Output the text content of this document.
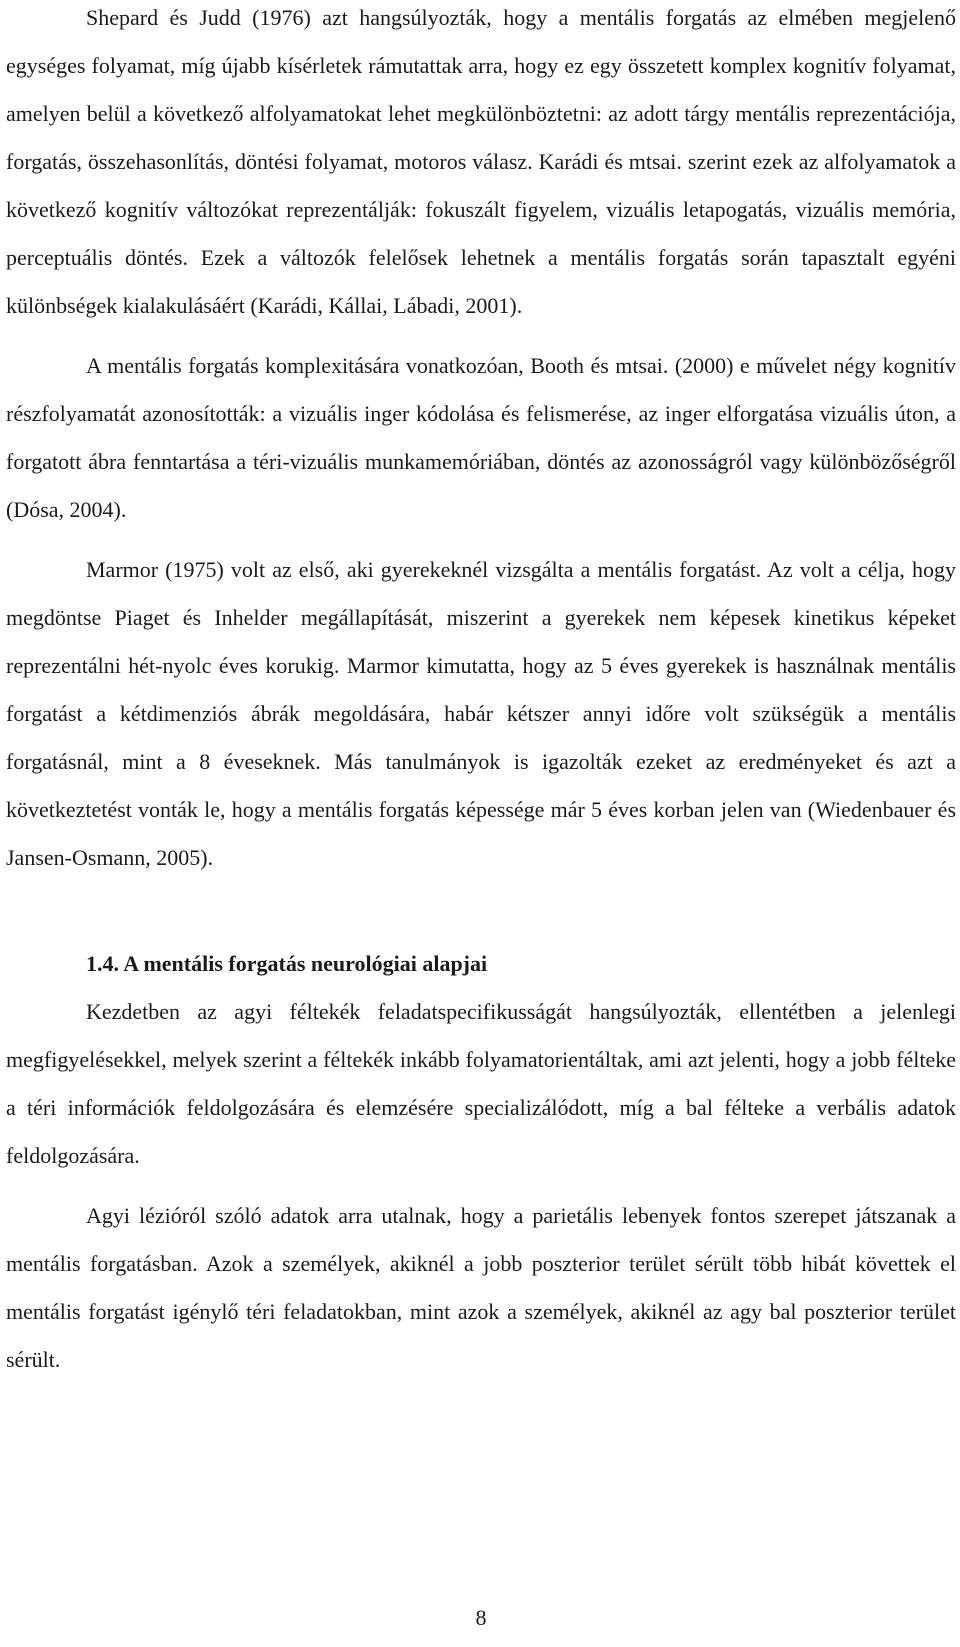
Shepard és Judd (1976) azt hangsúlyozták, hogy a mentális forgatás az elmében megjelenő egységes folyamat, míg újabb kísérletek rámutattak arra, hogy ez egy összetett komplex kognitív folyamat, amelyen belül a következő alfolyamatokat lehet megkülönböztetni: az adott tárgy mentális reprezentációja, forgatás, összehasonlítás, döntési folyamat, motoros válasz. Karádi és mtsai. szerint ezek az alfolyamatok a következő kognitív változókat reprezentálják: fokuszált figyelem, vizuális letapogatás, vizuális memória, perceptuális döntés. Ezek a változók felelősek lehetnek a mentális forgatás során tapasztalt egyéni különbségek kialakulásáért (Karádi, Kállai, Lábadi, 2001).

A mentális forgatás komplexitására vonatkozóan, Booth és mtsai. (2000) e művelet négy kognitív részfolyamatát azonosították: a vizuális inger kódolása és felismerése, az inger elforgatása vizuális úton, a forgatott ábra fenntartása a téri-vizuális munkamemóriában, döntés az azonosságról vagy különbözőségről (Dósa, 2004).

Marmor (1975) volt az első, aki gyerekeknél vizsgálta a mentális forgatást. Az volt a célja, hogy megdöntse Piaget és Inhelder megállapítását, miszerint a gyerekek nem képesek kinetikus képeket reprezentálni hét-nyolc éves korukig. Marmor kimutatta, hogy az 5 éves gyerekek is használnak mentális forgatást a kétdimenziós ábrák megoldására, habár kétszer annyi időre volt szükségük a mentális forgatásnál, mint a 8 éveseknek. Más tanulmányok is igazolták ezeket az eredményeket és azt a következtetést vonták le, hogy a mentális forgatás képessége már 5 éves korban jelen van (Wiedenbauer és Jansen-Osmann, 2005).

1.4. A mentális forgatás neurológiai alapjai

Kezdetben az agyi féltekék feladatspecifikusságát hangsúlyozták, ellentétben a jelenlegi megfigyelésekkel, melyek szerint a féltekék inkább folyamatorientáltak, ami azt jelenti, hogy a jobb félteke a téri információk feldolgozására és elemzésére specializálódott, míg a bal félteke a verbális adatok feldolgozására.

Agyi lézióról szóló adatok arra utalnak, hogy a parietális lebenyek fontos szerepet játszanak a mentális forgatásban. Azok a személyek, akiknél a jobb poszterior terület sérült több hibát követtek el mentális forgatást igénylő téri feladatokban, mint azok a személyek, akiknél az agy bal poszterior terület sérült.

8
